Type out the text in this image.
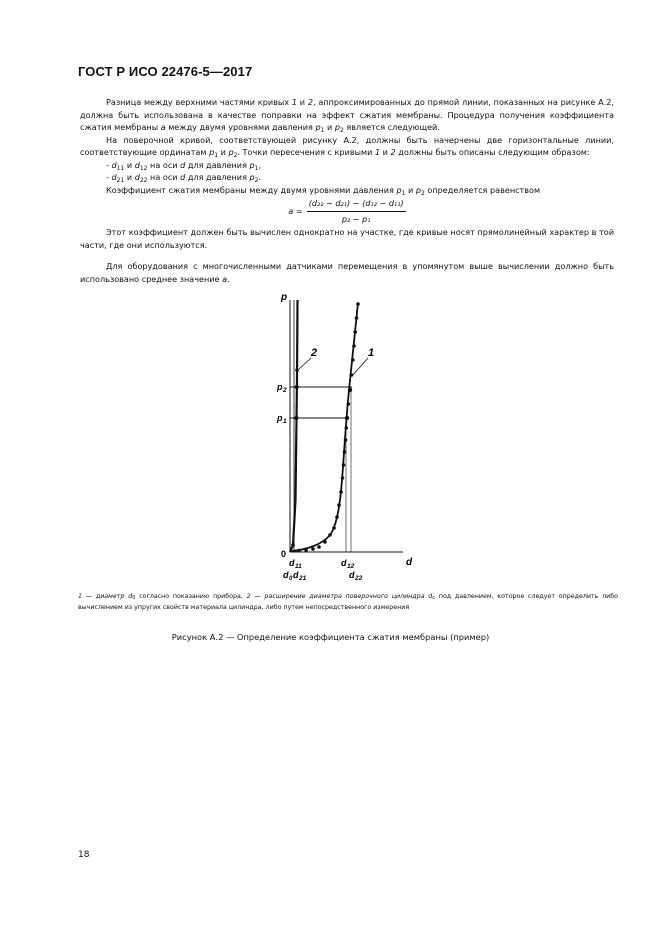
ГОСТ Р ИСО 22476-5—2017

Разница между верхними частями кривых 1 и 2, аппроксимированных до прямой линии, показанных на рисунке А.2, должна быть использована в качестве поправки на эффект сжатия мембраны. Процедура получения коэффициента сжатия мембраны a между двумя уровнями давления $p_1$ и $p_2$ является следующей.

На поверочной кривой, соответствующей рисунку А.2, должны быть начерчены две горизонтальные линии, соответствующие ординатам $p_1$ и $p_2$. Точки пересечения с кривыми 1 и 2 должны быть описаны следующим образом:

- $d_{11}$ и $d_{12}$ на оси d для давления $p_1$,

- $d_{21}$ и $d_{22}$ на оси d для давления $p_2$.

Коэффициент сжатия мембраны между двумя уровнями давления $p_1$ и $p_2$ определяется равенством

$a = \frac{\text{(d₂₂ − d₂₁) − (d₁₂ − d₁₁)}}{\text{p₂ − p₁}}$

Этот коэффициент должен быть вычислен однократно на участке, где кривые носят прямолинейный характер в той части, где они используются.

Для оборудования с многочисленными датчиками перемещения в упомянутом выше вычислении должно быть использовано среднее значение a.

p
d
0
p 2
p 1
2	1
d 11
d 0 d 21
d 12
d 22
1 — диаметр $d_0$ согласно показанию прибора, 2 — расширение диаметра поверочного цилиндра $d_c$ под давлением, которое следует определить либо вычислением из упругих свойств материала цилиндра, либо путем непосредственного измерения
Рисунок А.2 — Определение коэффициента сжатия мембраны (пример)
18
